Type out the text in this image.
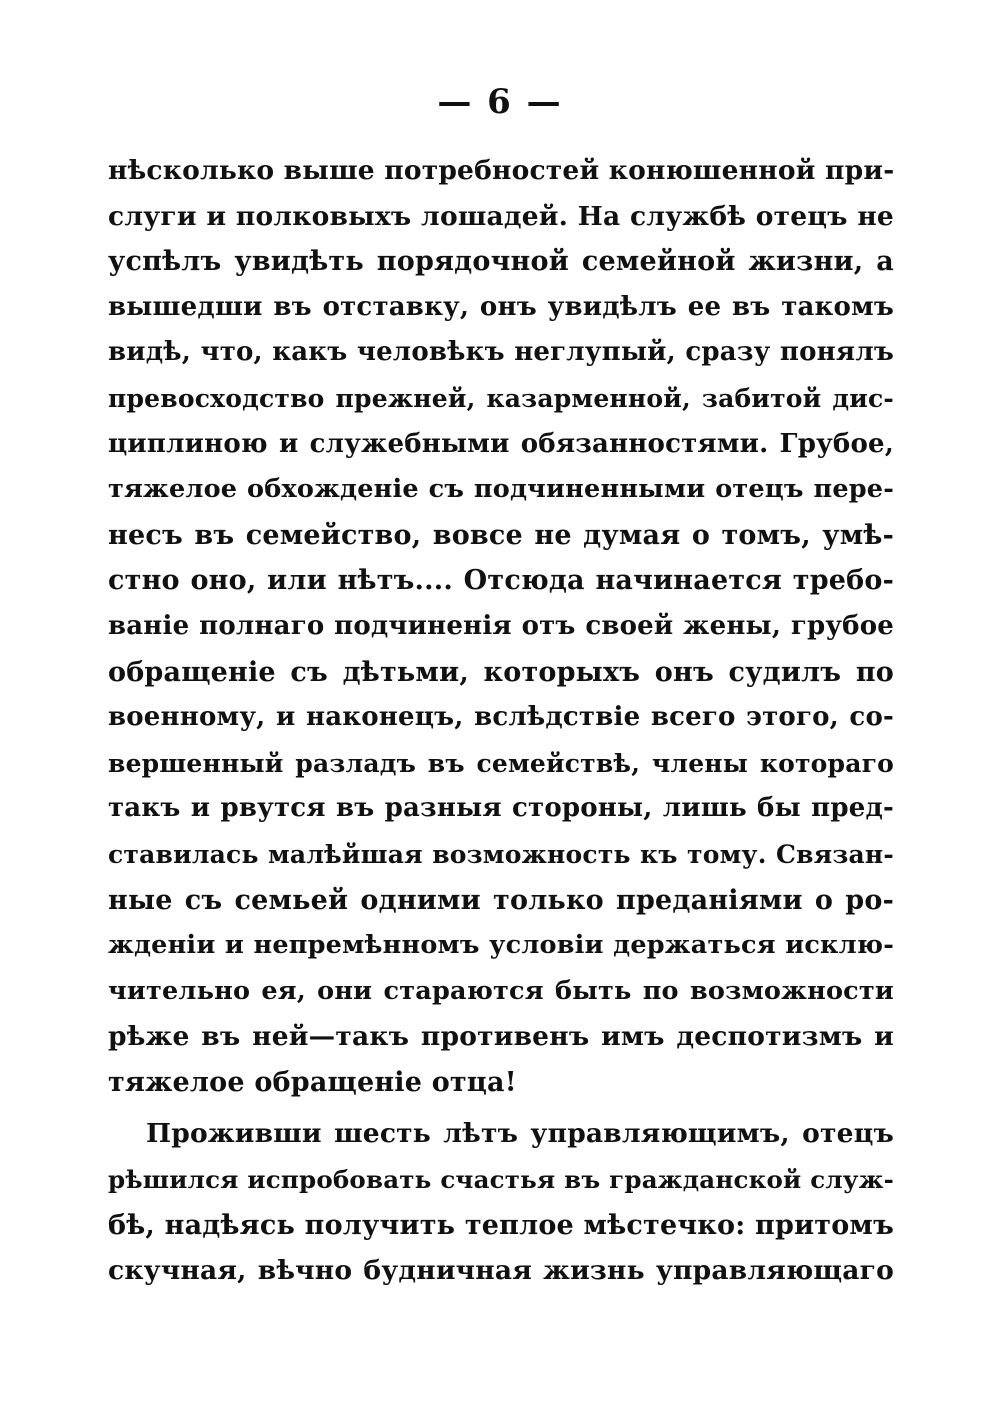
— 6 —
нѣсколько выше потребностей конюшенной при-
слуги и полковыхъ лошадей. На службѣ отецъ не
успѣлъ увидѣть порядочной семейной жизни, а
вышедши въ отставку, онъ увидѣлъ ее въ такомъ
видѣ, что, какъ человѣкъ неглупый, сразу понялъ
превосходство прежней, казарменной, забитой дис-
циплиною и служебными обязанностями. Грубое,
тяжелое обхожденіе съ подчиненными отецъ пере-
несъ въ семейство, вовсе не думая о томъ, умѣ-
стно оно, или нѣтъ.... Отсюда начинается требо-
ваніе полнаго подчиненія отъ своей жены, грубое
обращеніе съ дѣтьми, которыхъ онъ судилъ по
военному, и наконецъ, вслѣдствіе всего этого, со-
вершенный разладъ въ семействѣ, члены котораго
такъ и рвутся въ разныя стороны, лишь бы пред-
ставилась малѣйшая возможность къ тому. Связан-
ные съ семьей одними только преданіями о ро-
жденіи и непремѣнномъ условіи держаться исклю-
чительно ея, они стараются быть по возможности
рѣже въ ней—такъ противенъ имъ деспотизмъ и
тяжелое обращеніе отца!
Проживши шесть лѣтъ управляющимъ, отецъ
рѣшился испробовать счастья въ гражданской служ-
бѣ, надѣясь получить теплое мѣстечко: притомъ
скучная, вѣчно будничная жизнь управляющаго
